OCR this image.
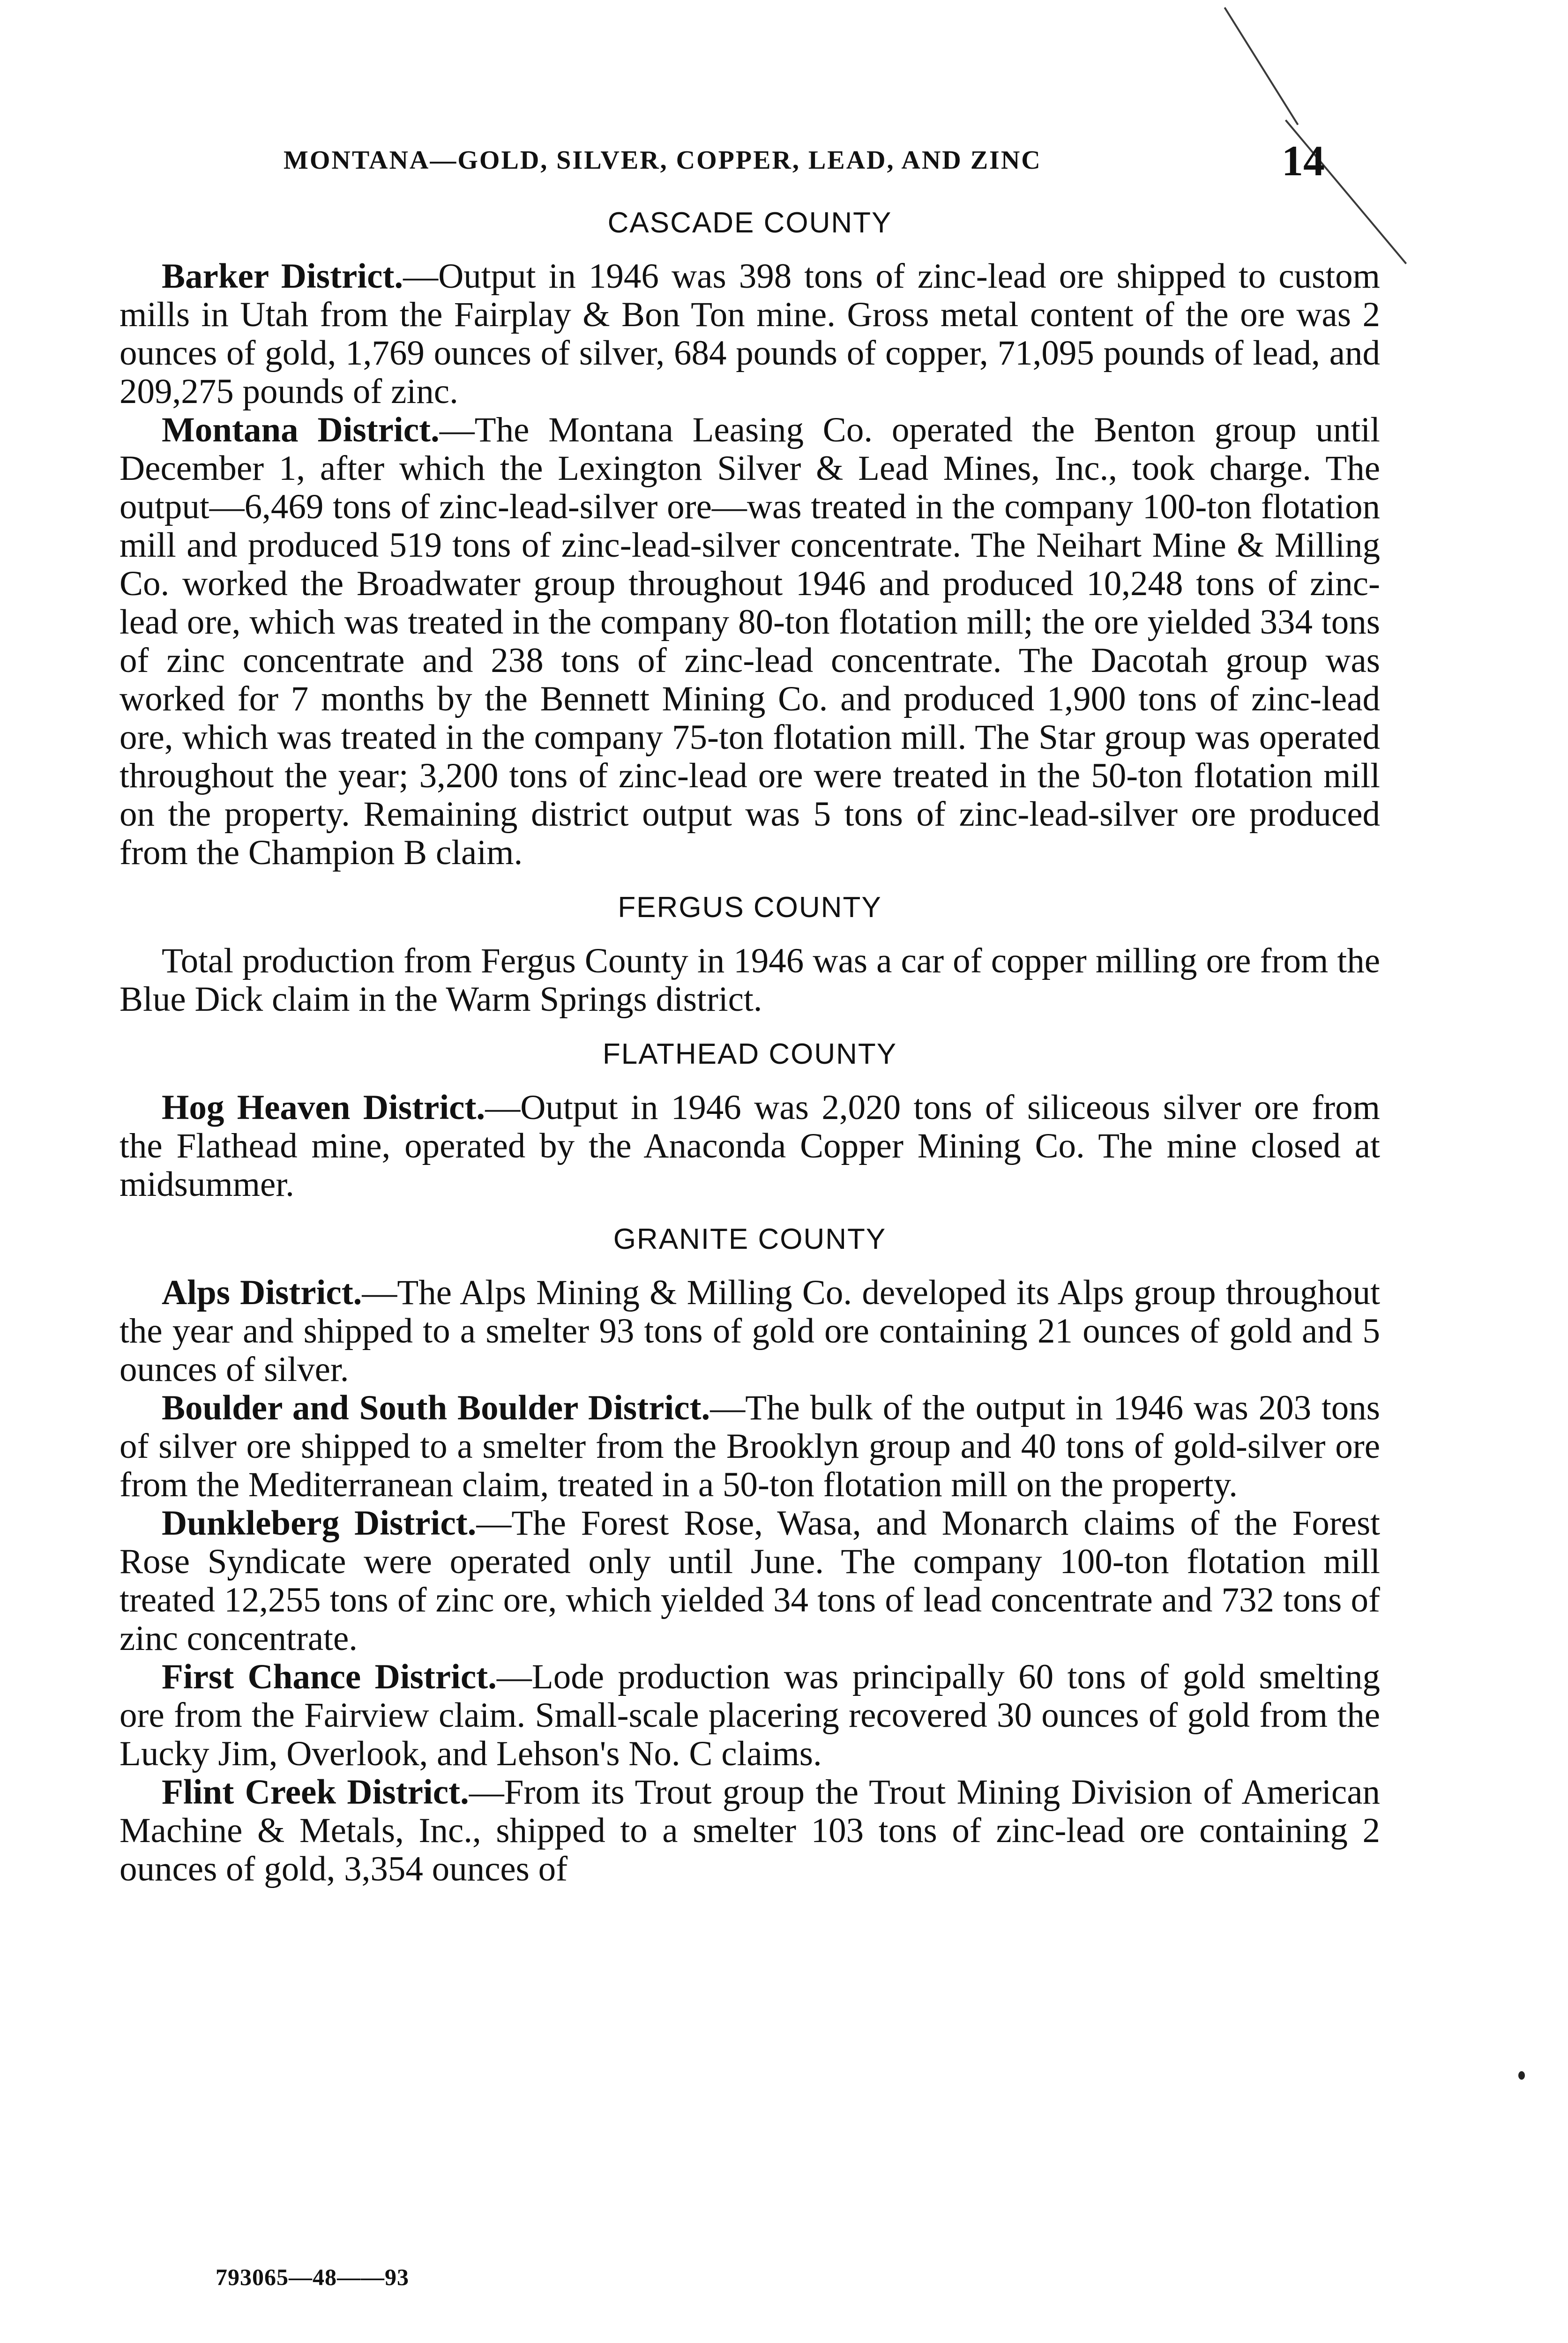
MONTANA—GOLD, SILVER, COPPER, LEAD, AND ZINC	14
CASCADE COUNTY

Barker District.—Output in 1946 was 398 tons of zinc-lead ore shipped to custom mills in Utah from the Fairplay & Bon Ton mine. Gross metal content of the ore was 2 ounces of gold, 1,769 ounces of silver, 684 pounds of copper, 71,095 pounds of lead, and 209,275 pounds of zinc.

Montana District.—The Montana Leasing Co. operated the Benton group until December 1, after which the Lexington Silver & Lead Mines, Inc., took charge. The output—6,469 tons of zinc-lead-silver ore—was treated in the company 100-ton flotation mill and produced 519 tons of zinc-lead-silver concentrate. The Neihart Mine & Milling Co. worked the Broadwater group throughout 1946 and produced 10,248 tons of zinc-lead ore, which was treated in the company 80-ton flotation mill; the ore yielded 334 tons of zinc concentrate and 238 tons of zinc-lead concentrate. The Dacotah group was worked for 7 months by the Bennett Mining Co. and produced 1,900 tons of zinc-lead ore, which was treated in the company 75-ton flotation mill. The Star group was operated throughout the year; 3,200 tons of zinc-lead ore were treated in the 50-ton flotation mill on the property. Remaining district output was 5 tons of zinc-lead-silver ore produced from the Champion B claim.

FERGUS COUNTY

Total production from Fergus County in 1946 was a car of copper milling ore from the Blue Dick claim in the Warm Springs district.

FLATHEAD COUNTY

Hog Heaven District.—Output in 1946 was 2,020 tons of siliceous silver ore from the Flathead mine, operated by the Anaconda Copper Mining Co. The mine closed at midsummer.

GRANITE COUNTY

Alps District.—The Alps Mining & Milling Co. developed its Alps group throughout the year and shipped to a smelter 93 tons of gold ore containing 21 ounces of gold and 5 ounces of silver.

Boulder and South Boulder District.—The bulk of the output in 1946 was 203 tons of silver ore shipped to a smelter from the Brooklyn group and 40 tons of gold-silver ore from the Mediterranean claim, treated in a 50-ton flotation mill on the property.

Dunkleberg District.—The Forest Rose, Wasa, and Monarch claims of the Forest Rose Syndicate were operated only until June. The company 100-ton flotation mill treated 12,255 tons of zinc ore, which yielded 34 tons of lead concentrate and 732 tons of zinc concentrate.

First Chance District.—Lode production was principally 60 tons of gold smelting ore from the Fairview claim. Small-scale placering recovered 30 ounces of gold from the Lucky Jim, Overlook, and Lehson's No. C claims.

Flint Creek District.—From its Trout group the Trout Mining Division of American Machine & Metals, Inc., shipped to a smelter 103 tons of zinc-lead ore containing 2 ounces of gold, 3,354 ounces of

793065—48——93
